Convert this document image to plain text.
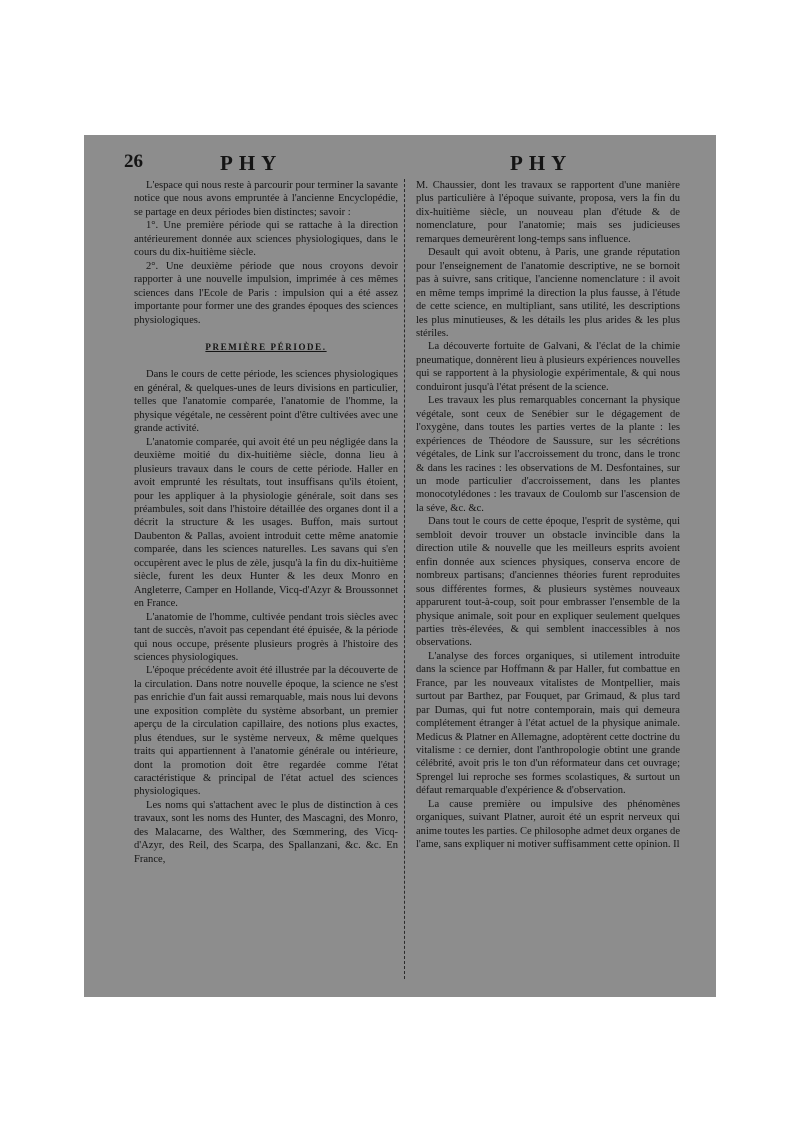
26	PHY	PHY

L'espace qui nous reste à parcourir pour terminer la savante notice que nous avons empruntée à l'ancienne Encyclopédie, se partage en deux périodes bien distinctes; savoir :

1°. Une première période qui se rattache à la direction antérieurement donnée aux sciences physiologiques, dans le cours du dix-huitième siècle.

2°. Une deuxième période que nous croyons devoir rapporter à une nouvelle impulsion, imprimée à ces mêmes sciences dans l'Ecole de Paris : impulsion qui a été assez importante pour former une des grandes époques des sciences physiologiques.

PREMIÈRE PÉRIODE.

Dans le cours de cette période, les sciences physiologiques en général, & quelques-unes de leurs divisions en particulier, telles que l'anatomie comparée, l'anatomie de l'homme, la physique végétale, ne cessèrent point d'être cultivées avec une grande activité.

L'anatomie comparée, qui avoit été un peu négligée dans la deuxième moitié du dix-huitième siècle, donna lieu à plusieurs travaux dans le cours de cette période. Haller en avoit emprunté les résultats, tout insuffisans qu'ils étoient, pour les appliquer à la physiologie générale, soit dans ses préambules, soit dans l'histoire détaillée des organes dont il a décrit la structure & les usages. Buffon, mais surtout Daubenton & Pallas, avoient introduit cette même anatomie comparée, dans les sciences naturelles. Les savans qui s'en occupèrent avec le plus de zèle, jusqu'à la fin du dix-huitième siècle, furent les deux Hunter & les deux Monro en Angleterre, Camper en Hollande, Vicq-d'Azyr & Broussonnet en France.

L'anatomie de l'homme, cultivée pendant trois siècles avec tant de succès, n'avoit pas cependant été épuisée, & la période qui nous occupe, présente plusieurs progrès à l'histoire des sciences physiologiques.

L'époque précédente avoit été illustrée par la découverte de la circulation. Dans notre nouvelle époque, la science ne s'est pas enrichie d'un fait aussi remarquable, mais nous lui devons une exposition complète du système absorbant, un premier aperçu de la circulation capillaire, des notions plus exactes, plus étendues, sur le système nerveux, & même quelques traits qui appartiennent à l'anatomie générale ou intérieure, dont la promotion doit être regardée comme l'état caractéristique & principal de l'état actuel des sciences physiologiques.

Les noms qui s'attachent avec le plus de distinction à ces travaux, sont les noms des Hunter, des Mascagni, des Monro, des Malacarne, des Walther, des Sœmmering, des Vicq-d'Azyr, des Reil, des Scarpa, des Spallanzani, &c. &c. En France,

M. Chaussier, dont les travaux se rapportent d'une manière plus particulière à l'époque suivante, proposa, vers la fin du dix-huitième siècle, un nouveau plan d'étude & de nomenclature, pour l'anatomie; mais ses judicieuses remarques demeurèrent long-temps sans influence.

Desault qui avoit obtenu, à Paris, une grande réputation pour l'enseignement de l'anatomie descriptive, ne se bornoit pas à suivre, sans critique, l'ancienne nomenclature : il avoit en même temps imprimé la direction la plus fausse, à l'étude de cette science, en multipliant, sans utilité, les descriptions les plus minutieuses, & les détails les plus arides & les plus stériles.

La découverte fortuite de Galvani, & l'éclat de la chimie pneumatique, donnèrent lieu à plusieurs expériences nouvelles qui se rapportent à la physiologie expérimentale, & qui nous conduiront jusqu'à l'état présent de la science.

Les travaux les plus remarquables concernant la physique végétale, sont ceux de Senébier sur le dégagement de l'oxygène, dans toutes les parties vertes de la plante : les expériences de Théodore de Saussure, sur les sécrétions végétales, de Link sur l'accroissement du tronc, dans le tronc & dans les racines : les observations de M. Desfontaines, sur un mode particulier d'accroissement, dans les plantes monocotylédones : les travaux de Coulomb sur l'ascension de la séve, &c. &c.

Dans tout le cours de cette époque, l'esprit de système, qui sembloit devoir trouver un obstacle invincible dans la direction utile & nouvelle que les meilleurs esprits avoient enfin donnée aux sciences physiques, conserva encore de nombreux partisans; d'anciennes théories furent reproduites sous différentes formes, & plusieurs systèmes nouveaux apparurent tout-à-coup, soit pour embrasser l'ensemble de la physique animale, soit pour en expliquer seulement quelques parties très-élevées, & qui semblent inaccessibles à nos observations.

L'analyse des forces organiques, si utilement introduite dans la science par Hoffmann & par Haller, fut combattue en France, par les nouveaux vitalistes de Montpellier, mais surtout par Barthez, par Fouquet, par Grimaud, & plus tard par Dumas, qui fut notre contemporain, mais qui demeura complétement étranger à l'état actuel de la physique animale. Medicus & Platner en Allemagne, adoptèrent cette doctrine du vitalisme : ce dernier, dont l'anthropologie obtint une grande célébrité, avoit pris le ton d'un réformateur dans cet ouvrage; Sprengel lui reproche ses formes scolastiques, & surtout un défaut remarquable d'expérience & d'observation.

La cause première ou impulsive des phénomènes organiques, suivant Platner, auroit été un esprit nerveux qui anime toutes les parties. Ce philosophe admet deux organes de l'ame, sans expliquer ni motiver suffisamment cette opinion. Il
